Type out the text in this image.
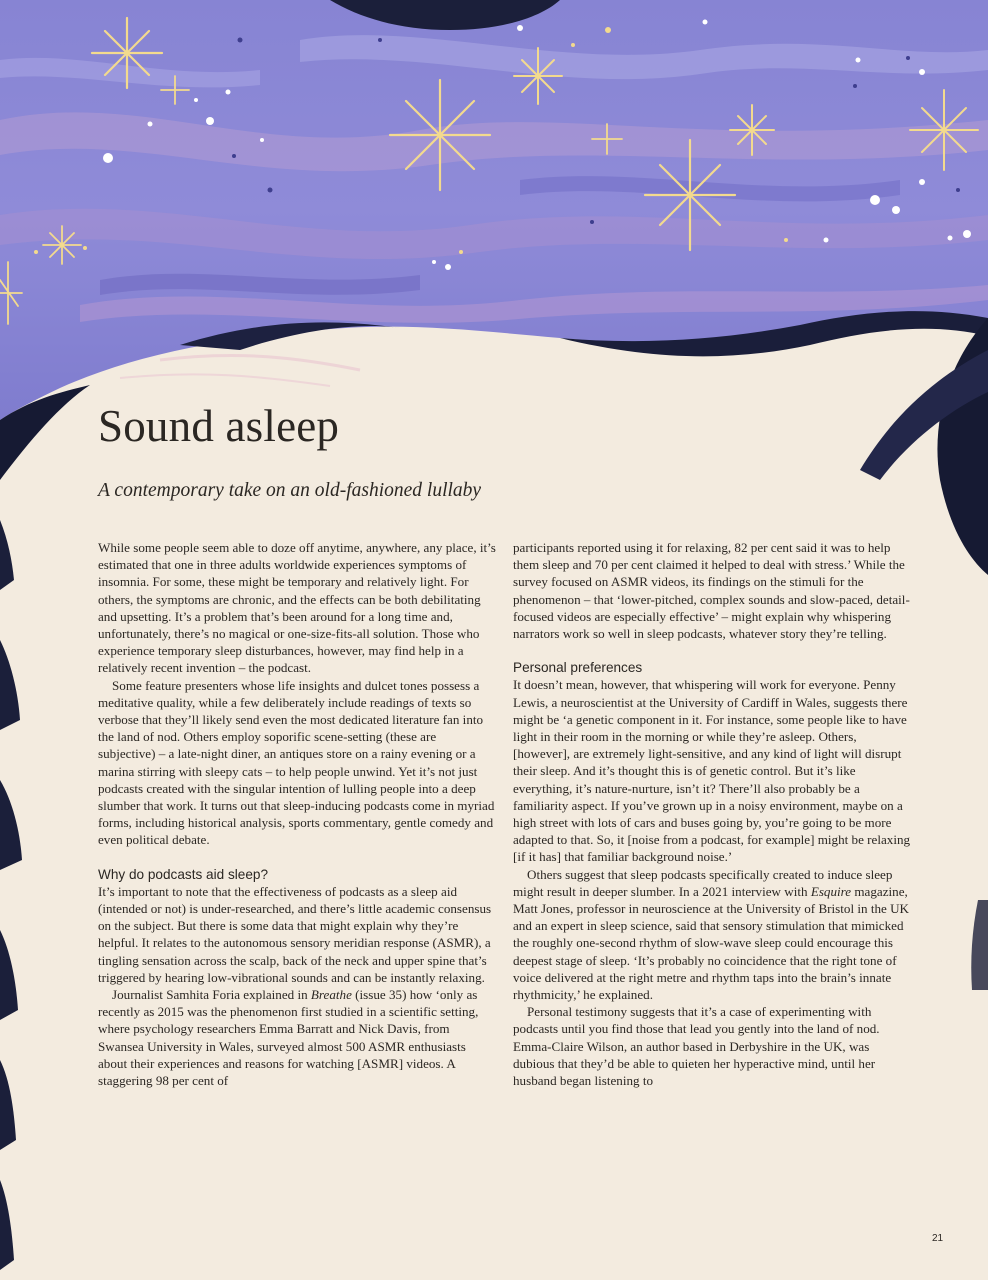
Sound asleep

A contemporary take on an old-fashioned lullaby

While some people seem able to doze off anytime, anywhere, any place, it’s estimated that one in three adults worldwide experiences symptoms of insomnia. For some, these might be temporary and relatively light. For others, the symptoms are chronic, and the effects can be both debilitating and upsetting. It’s a problem that’s been around for a long time and, unfortunately, there’s no magical or one-size-fits-all solution. Those who experience temporary sleep disturbances, however, may find help in a relatively recent invention – the podcast.

Some feature presenters whose life insights and dulcet tones possess a meditative quality, while a few deliberately include readings of texts so verbose that they’ll likely send even the most dedicated literature fan into the land of nod. Others employ soporific scene-setting (these are subjective) – a late-night diner, an antiques store on a rainy evening or a marina stirring with sleepy cats – to help people unwind. Yet it’s not just podcasts created with the singular intention of lulling people into a deep slumber that work. It turns out that sleep-inducing podcasts come in myriad forms, including historical analysis, sports commentary, gentle comedy and even political debate.

Why do podcasts aid sleep?

It’s important to note that the effectiveness of podcasts as a sleep aid (intended or not) is under-researched, and there’s little academic consensus on the subject. But there is some data that might explain why they’re helpful. It relates to the autonomous sensory meridian response (ASMR), a tingling sensation across the scalp, back of the neck and upper spine that’s triggered by hearing low-vibrational sounds and can be instantly relaxing.

Journalist Samhita Foria explained in Breathe (issue 35) how ‘only as recently as 2015 was the phenomenon first studied in a scientific setting, where psychology researchers Emma Barratt and Nick Davis, from Swansea University in Wales, surveyed almost 500 ASMR enthusiasts about their experiences and reasons for watching [ASMR] videos. A staggering 98 per cent of

participants reported using it for relaxing, 82 per cent said it was to help them sleep and 70 per cent claimed it helped to deal with stress.’ While the survey focused on ASMR videos, its findings on the stimuli for the phenomenon – that ‘lower-pitched, complex sounds and slow-paced, detail-focused videos are especially effective’ – might explain why whispering narrators work so well in sleep podcasts, whatever story they’re telling.

Personal preferences

It doesn’t mean, however, that whispering will work for everyone. Penny Lewis, a neuroscientist at the University of Cardiff in Wales, suggests there might be ‘a genetic component in it. For instance, some people like to have light in their room in the morning or while they’re asleep. Others, [however], are extremely light-sensitive, and any kind of light will disrupt their sleep. And it’s thought this is of genetic control. But it’s like everything, it’s nature-nurture, isn’t it? There’ll also probably be a familiarity aspect. If you’ve grown up in a noisy environment, maybe on a high street with lots of cars and buses going by, you’re going to be more adapted to that. So, it [noise from a podcast, for example] might be relaxing [if it has] that familiar background noise.’

Others suggest that sleep podcasts specifically created to induce sleep might result in deeper slumber. In a 2021 interview with Esquire magazine, Matt Jones, professor in neuroscience at the University of Bristol in the UK and an expert in sleep science, said that sensory stimulation that mimicked the roughly one-second rhythm of slow-wave sleep could encourage this deepest stage of sleep. ‘It’s probably no coincidence that the right tone of voice delivered at the right metre and rhythm taps into the brain’s innate rhythmicity,’ he explained.

Personal testimony suggests that it’s a case of experimenting with podcasts until you find those that lead you gently into the land of nod. Emma-Claire Wilson, an author based in Derbyshire in the UK, was dubious that they’d be able to quieten her hyperactive mind, until her husband began listening to

21
